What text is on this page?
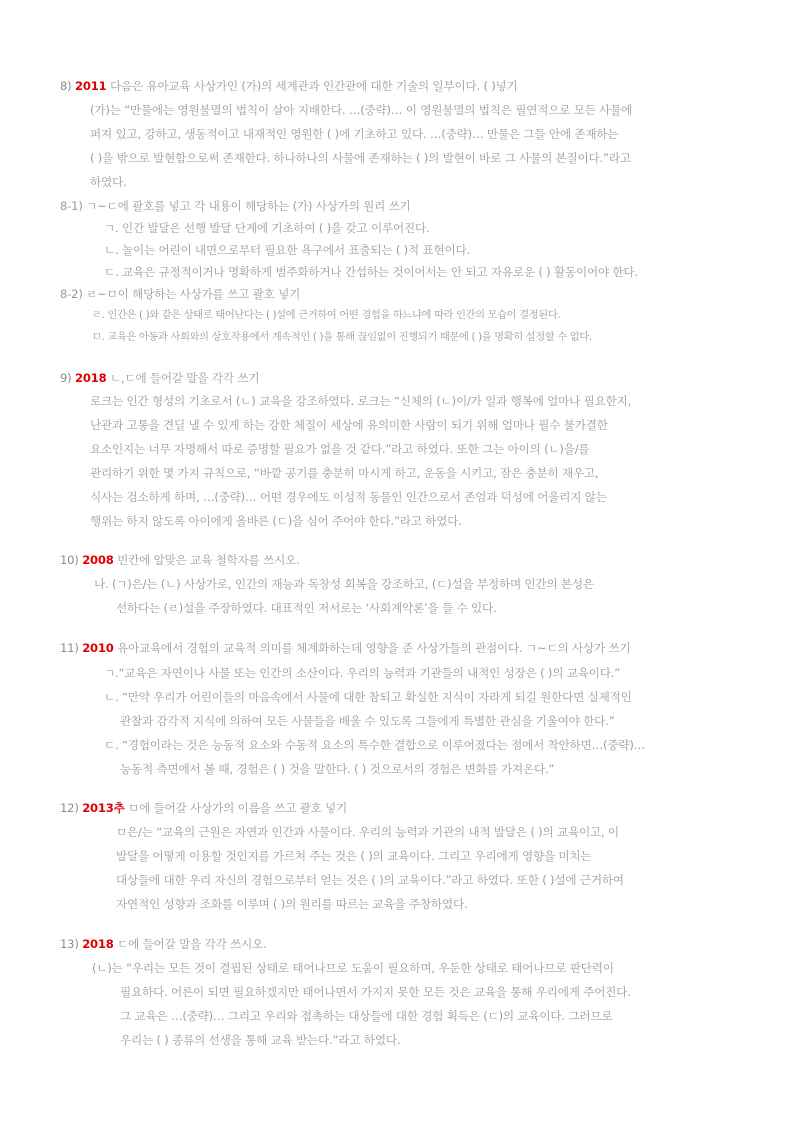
8) 2011 다음은 유아교육 사상가인 (가)의 세계관과 인간관에 대한 기술의 일부이다. ( )넣기
(가)는 “만물에는 영원불멸의 법칙이 살아 지배한다. …(중략)… 이 영원불멸의 법칙은 필연적으로 모든 사물에
퍼져 있고, 강하고, 생동적이고 내재적인 영원한 ( )에 기초하고 있다. …(중략)… 만물은 그들 안에 존재하는
( )을 밖으로 발현함으로써 존재한다. 하나하나의 사물에 존재하는 ( )의 발현이 바로 그 사물의 본질이다.”라고
하였다.
8-1) ㄱ~ㄷ에 괄호를 넣고 각 내용이 해당하는 (가) 사상가의 원리 쓰기
ㄱ. 인간 발달은 선행 발달 단계에 기초하여 ( )을 갖고 이루어진다.
ㄴ. 놀이는 어린이 내면으로부터 필요한 욕구에서 표출되는 ( )적 표현이다.
ㄷ. 교육은 규정적이거나 명확하게 범주화하거나 간섭하는 것이어서는 안 되고 자유로운 ( ) 활동이어야 한다.
8-2) ㄹ~ㅁ이 해당하는 사상가를 쓰고 괄호 넣기
ㄹ. 인간은 ( )와 같은 상태로 태어난다는 ( )설에 근거하여 어떤 경험을 하느냐에 따라 인간의 모습이 결정된다.
ㅁ. 교육은 아동과 사회와의 상호작용에서 계속적인 ( )을 통해 끊임없이 진행되기 때문에 ( )을 명확히 설정할 수 없다.
9) 2018 ㄴ,ㄷ에 들어갈 말을 각각 쓰기
로크는 인간 형성의 기초로서 (ㄴ) 교육을 강조하였다. 로크는 “신체의 (ㄴ)이/가 일과 행복에 얼마나 필요한지,
난관과 고통을 견딜 낼 수 있게 하는 강한 체질이 세상에 유의미한 사람이 되기 위해 얼마나 필수 불가결한
요소인지는 너무 자명해서 따로 증명할 필요가 없을 것 같다.”라고 하였다. 또한 그는 아이의 (ㄴ)을/를
관리하기 위한 몇 가지 규칙으로, “바깥 공기를 충분히 마시게 하고, 운동을 시키고, 잠은 충분히 재우고,
식사는 검소하게 하며, …(중략)… 어떤 경우에도 이성적 동물인 인간으로서 존엄과 덕성에 어울리지 않는
행위는 하지 않도록 아이에게 올바른 (ㄷ)을 심어 주어야 한다.”라고 하였다.
10) 2008 빈칸에 알맞은 교육 철학자를 쓰시오.
나. (ㄱ)은/는 (ㄴ) 사상가로, 인간의 재능과 독창성 회복을 강조하고, (ㄷ)설을 부정하며 인간의 본성은
선하다는 (ㄹ)설을 주장하였다. 대표적인 저서로는 ‘사회계약론’을 들 수 있다.
11) 2010 유아교육에서 경험의 교육적 의미를 체계화하는데 영향을 준 사상가들의 관점이다. ㄱ~ㄷ의 사상가 쓰기
ㄱ.“교육은 자연이나 사물 또는 인간의 소산이다. 우리의 능력과 기관들의 내적인 성장은 ( )의 교육이다.”
ㄴ. “만약 우리가 어린이들의 마음속에서 사물에 대한 참되고 확실한 지식이 자라게 되길 원한다면 실제적인
관찰과 감각적 지식에 의하여 모든 사물들을 배울 수 있도록 그들에게 특별한 관심을 기울여야 한다.”
ㄷ. “경험이라는 것은 능동적 요소와 수동적 요소의 특수한 결합으로 이루어졌다는 점에서 착안하면…(중략)…
능동적 측면에서 볼 때, 경험은 ( ) 것을 말한다. ( ) 것으로서의 경험은 변화를 가져온다.”
12) 2013추 ㅁ에 들어갈 사상가의 이름을 쓰고 괄호 넣기
ㅁ은/는 “교육의 근원은 자연과 인간과 사물이다. 우리의 능력과 기관의 내적 발달은 ( )의 교육이고, 이
발달을 어떻게 이용할 것인지를 가르쳐 주는 것은 ( )의 교육이다. 그리고 우리에게 영향을 미치는
대상들에 대한 우리 자신의 경험으로부터 얻는 것은 ( )의 교육이다.”라고 하였다. 또한 ( )설에 근거하여
자연적인 성향과 조화를 이루며 ( )의 원리를 따르는 교육을 주창하였다.
13) 2018 ㄷ에 들어갈 말을 각각 쓰시오.
(ㄴ)는 “우리는 모든 것이 결핍된 상태로 태어나므로 도움이 필요하며, 우둔한 상태로 태어나므로 판단력이
필요하다. 어른이 되면 필요하겠지만 태어나면서 가지지 못한 모든 것은 교육을 통해 우리에게 주어진다.
그 교육은 …(중략)… 그리고 우리와 접촉하는 대상들에 대한 경험 획득은 (ㄷ)의 교육이다. 그러므로
우리는 ( ) 종류의 선생을 통해 교육 받는다.”라고 하였다.
